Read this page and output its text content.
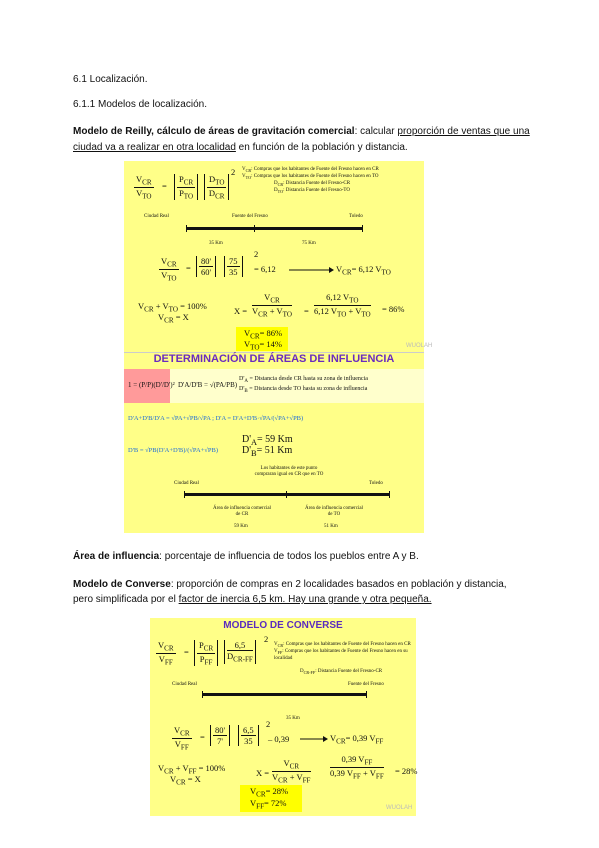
6.1 Localización.
6.1.1 Modelos de localización.
Modelo de Reilly, cálculo de áreas de gravitación comercial: calcular proporción de ventas que una
ciudad va a realizar en otra localidad en función de la población y distancia.
Área de influencia: porcentaje de influencia de todos los pueblos entre A y B.
Modelo de Converse: proporción de compras en 2 localidades basados en población y distancia,
pero simplificada por el factor de inercia 6,5 km. Hay una grande y otra pequeña.
$V_{CR}$
$V_{TO}$
=
$P_{CR}$
$P_{TO}$
$D_{TO}$
$D_{CR}$
2 $V_{CR}$: Compras que los habitantes de Fuente del Fresno hacen en CR
$V_{TO}$: Compras que los habitantes de Fuente del Fresno hacen en TO
$D_{CR}$: Distancia Fuente del Fresno-CR
$D_{TO}$: Distancia Fuente del Fresno-TO
Ciudad Real	Fuente del Fresno	Toledo
35 Km	75 Km
$V_{CR}$
$V_{TO}$
= $\frac{80'}{60'} \frac{75}{35}$
2
= 6,12	$V_{CR}= 6,12$ $V_{TO}$
$V_{CR} + V_{TO} = 100\%$
$V_{CR} = X$
X =
$V_{CR}$
$V_{CR} + V_{TO}$ =
6,12 $V_{TO}$
6,12 $V_{TO} + V_{TO}$
= 86%
$V_{CR}= 86\%$
$V_{TO}= 14\%$	WUOLAH
DETERMINACIÓN DE ÁREAS DE INFLUENCIA
1 = (P/P)(D'/D')² D'A/D'B = √(PA/PB)
$D'_A$ = Distancia desde CR hasta su zona de influencia
$D'_B$ = Distancia desde TO hasta su zona de influencia
D'A+D'B/D'A = √PA+√PB/√PA ; D'A = D'A+D'B·√PA/(√PA+√PB)
D'B = √PB(D'A+D'B)/(√PA+√PB)
$D'_A= 59$ Km
$D'_B= 51$ Km
Los habitantes de este punto compraran igual en CR que en TO
Ciudad Real	Toledo
Área de influencia comercial de CR
Área de influencia comercial de TO
59 Km	51 Km
MODELO DE CONVERSE
$V_{CR}$
$V_{FF}$
=
$P_{CR}$
$P_{FF}$
6,5
$D_{CR-FF}$
2
$V_{CR}$: Compras que los habitantes de Fuente del Fresno hacen en CR
$V_{FF}$: Compras que los habitantes de Fuente del Fresno hacen en su localidad
$D_{CR-FF}$: Distancia Fuente del Fresno-CR
Ciudad Real	Fuente del Fresno
35 Km
$V_{CR}$
$V_{FF}$
= $\frac{80'}{7'} \frac{6,5}{35}$
2
– 0,39	$V_{CR}= 0,39$ $V_{FF}$
$V_{CR} + V_{FF} = 100\%$
$V_{CR} = X$
X =
$V_{CR}$
$V_{CR} + V_{FF}$
0,39 $V_{FF}$
0,39 $V_{FF} + V_{FF}$
= 28%
$V_{CR}= 28\%$
$V_{FF}= 72\%$	WUOLAH
